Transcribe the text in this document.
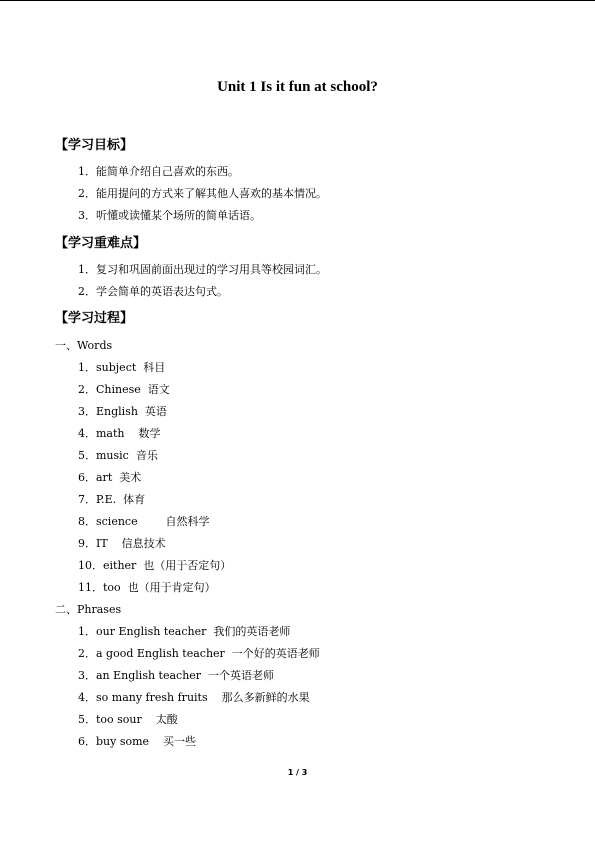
Unit 1 Is it fun at school?
【学习目标】
1．能简单介绍自己喜欢的东西。
2．能用提问的方式来了解其他人喜欢的基本情况。
3．听懂或读懂某个场所的简单话语。
【学习重难点】
1．复习和巩固前面出现过的学习用具等校园词汇。
2．学会简单的英语表达句式。
【学习过程】
一、Words
1．subject  科目
2．Chinese  语文
3．English  英语
4．math    数学
5．music  音乐
6．art  美术
7．P.E.  体育
8．science        自然科学
9．IT    信息技术
10．either  也（用于否定句）
11．too  也（用于肯定句）
二、Phrases
1．our English teacher  我们的英语老师
2．a good English teacher  一个好的英语老师
3．an English teacher  一个英语老师
4．so many fresh fruits    那么多新鲜的水果
5．too sour    太酸
6．buy some    买一些
1 / 3
